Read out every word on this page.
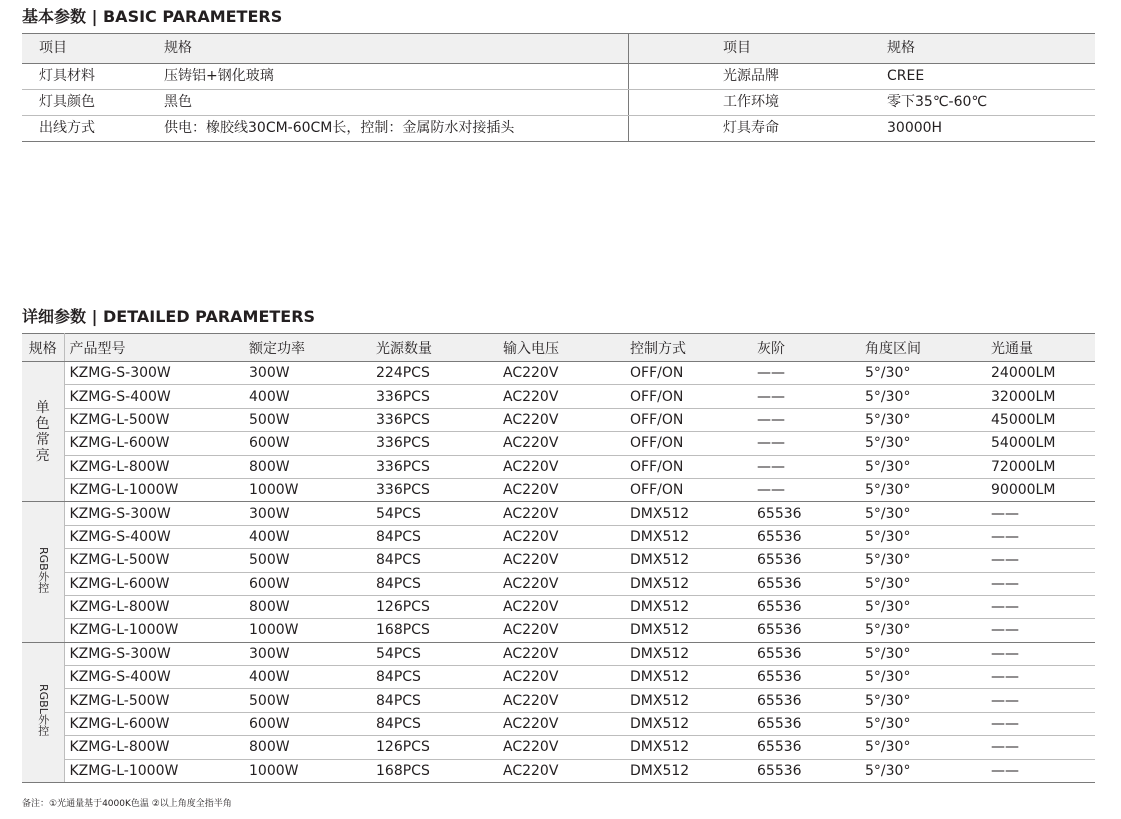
基本参数 | BASIC PARAMETERS
项目	规格	项目	规格
灯具材料	压铸铝+钢化玻璃	光源品牌	CREE
灯具颜色	黑色	工作环境	零下35℃-60℃
出线方式	供电：橡胶线30CM-60CM长，控制：金属防水对接插头	灯具寿命	30000H
详细参数 | DETAILED PARAMETERS
规格	产品型号	额定功率	光源数量	输入电压	控制方式	灰阶	角度区间	光通量
单色常亮	KZMG-S-300W	300W	224PCS	AC220V	OFF/ON	——	5°/30°	24000LM
	KZMG-S-400W	400W	336PCS	AC220V	OFF/ON	——	5°/30°	32000LM
	KZMG-L-500W	500W	336PCS	AC220V	OFF/ON	——	5°/30°	45000LM
	KZMG-L-600W	600W	336PCS	AC220V	OFF/ON	——	5°/30°	54000LM
	KZMG-L-800W	800W	336PCS	AC220V	OFF/ON	——	5°/30°	72000LM
	KZMG-L-1000W	1000W	336PCS	AC220V	OFF/ON	——	5°/30°	90000LM
RGB外控	KZMG-S-300W	300W	54PCS	AC220V	DMX512	65536	5°/30°	——
	KZMG-S-400W	400W	84PCS	AC220V	DMX512	65536	5°/30°	——
	KZMG-L-500W	500W	84PCS	AC220V	DMX512	65536	5°/30°	——
	KZMG-L-600W	600W	84PCS	AC220V	DMX512	65536	5°/30°	——
	KZMG-L-800W	800W	126PCS	AC220V	DMX512	65536	5°/30°	——
	KZMG-L-1000W	1000W	168PCS	AC220V	DMX512	65536	5°/30°	——
RGBL外控	KZMG-S-300W	300W	54PCS	AC220V	DMX512	65536	5°/30°	——
	KZMG-S-400W	400W	84PCS	AC220V	DMX512	65536	5°/30°	——
	KZMG-L-500W	500W	84PCS	AC220V	DMX512	65536	5°/30°	——
	KZMG-L-600W	600W	84PCS	AC220V	DMX512	65536	5°/30°	——
	KZMG-L-800W	800W	126PCS	AC220V	DMX512	65536	5°/30°	——
	KZMG-L-1000W	1000W	168PCS	AC220V	DMX512	65536	5°/30°	——

备注：①光通量基于4000K色温 ②以上角度全指半角
